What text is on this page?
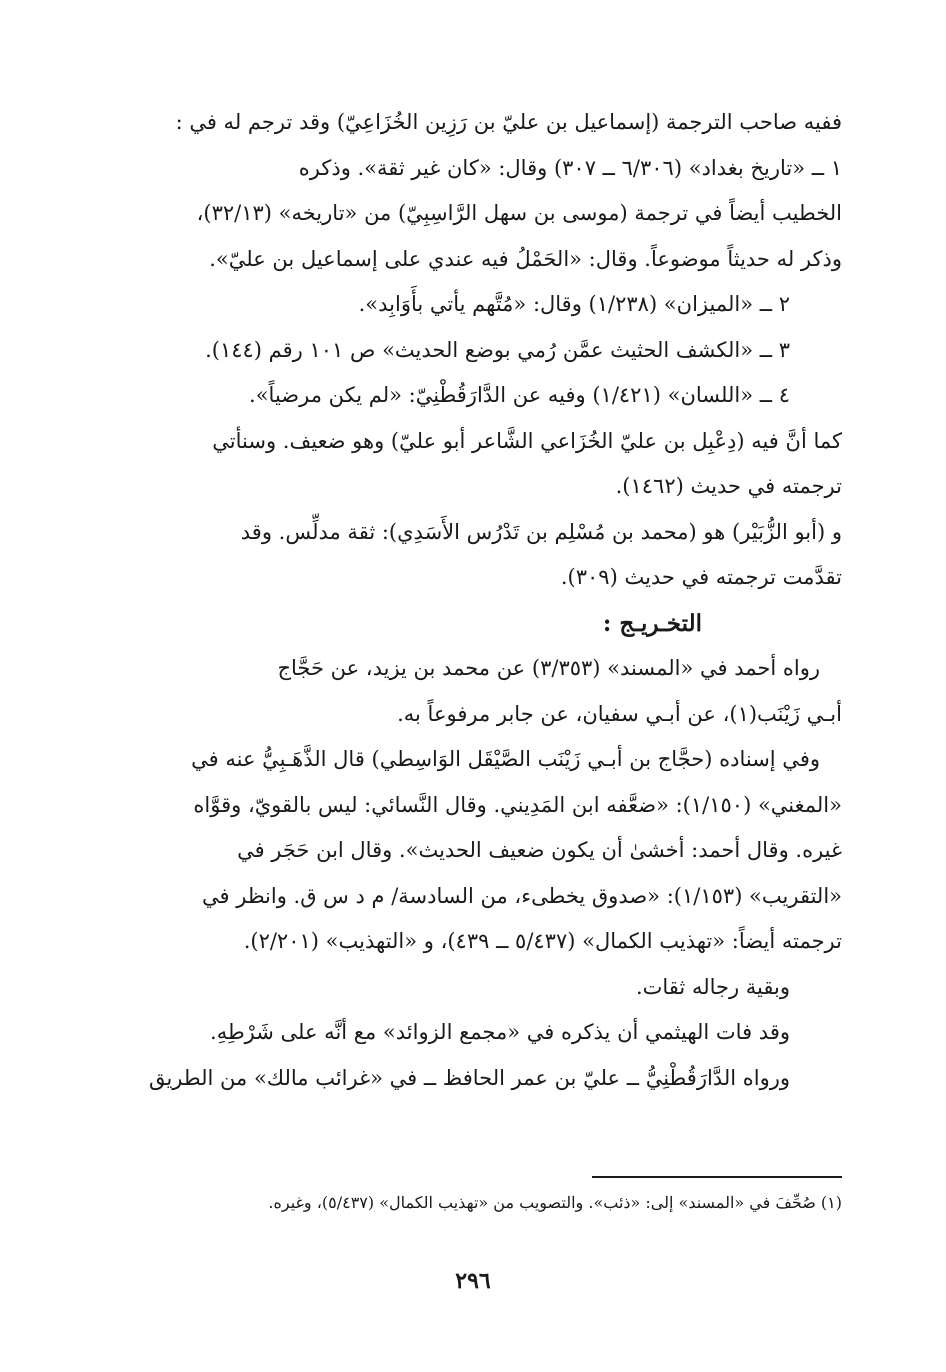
ففيه صاحب الترجمة (إسماعيل بن عليّ بن رَزِين الخُزَاعِيّ) وقد ترجم له في :
١ ــ «تاريخ بغداد» (٦/٣٠٦ ــ ٣٠٧) وقال: «كان غير ثقة». وذكره
الخطيب أيضاً في ترجمة (موسى بن سهل الرَّاسِبِيّ) من «تاريخه» (٣٢/١٣)،
وذكر له حديثاً موضوعاً. وقال: «الحَمْلُ فيه عندي على إسماعيل بن عليّ».
٢ ــ «الميزان» (١/٢٣٨) وقال: «مُتَّهم يأتي بأَوَابِد».
٣ ــ «الكشف الحثيث عمَّن رُمي بوضع الحديث» ص ١٠١ رقم (١٤٤).
٤ ــ «اللسان» (١/٤٢١) وفيه عن الدَّارَقُطْنِيّ: «لم يكن مرضياً».
كما أنَّ فيه (دِعْبِل بن عليّ الخُزَاعي الشَّاعر أبو عليّ) وهو ضعيف. وسنأتي
ترجمته في حديث (١٤٦٢).
و (أبو الزُّبَيْر) هو (محمد بن مُسْلِم بن تَدْرُس الأَسَدِي): ثقة مدلِّس. وقد
تقدَّمت ترجمته في حديث (٣٠٩).
التخـريـج :
رواه أحمد في «المسند» (٣/٣٥٣) عن محمد بن يزيد، عن حَجَّاج
أبـي زَيْنَب(١)، عن أبـي سفيان، عن جابر مرفوعاً به.
وفي إسناده (حجَّاج بن أبـي زَيْنَب الصَّيْقَل الوَاسِطي) قال الذَّهَـبِيُّ عنه في
«المغني» (١/١٥٠): «ضعَّفه ابن المَدِيني. وقال النَّسائي: ليس بالقويّ، وقوَّاه
غيره. وقال أحمد: أخشىٰ أن يكون ضعيف الحديث». وقال ابن حَجَر في
«التقريب» (١/١٥٣): «صدوق يخطىء، من السادسة/ م د س ق. وانظر في
ترجمته أيضاً: «تهذيب الكمال» (٥/٤٣٧ ــ ٤٣٩)، و «التهذيب» (٢/٢٠١).
وبقية رجاله ثقات.
وقد فات الهيثمي أن يذكره في «مجمع الزوائد» مع أنَّه على شَرْطِهِ.
ورواه الدَّارَقُطْنِيُّ ــ عليّ بن عمر الحافظ ــ في «غرائب مالك» من الطريق
(١) صُحِّفَ في «المسند» إلى: «ذئب». والتصويب من «تهذيب الكمال» (٥/٤٣٧)، وغيره.
٢٩٦
